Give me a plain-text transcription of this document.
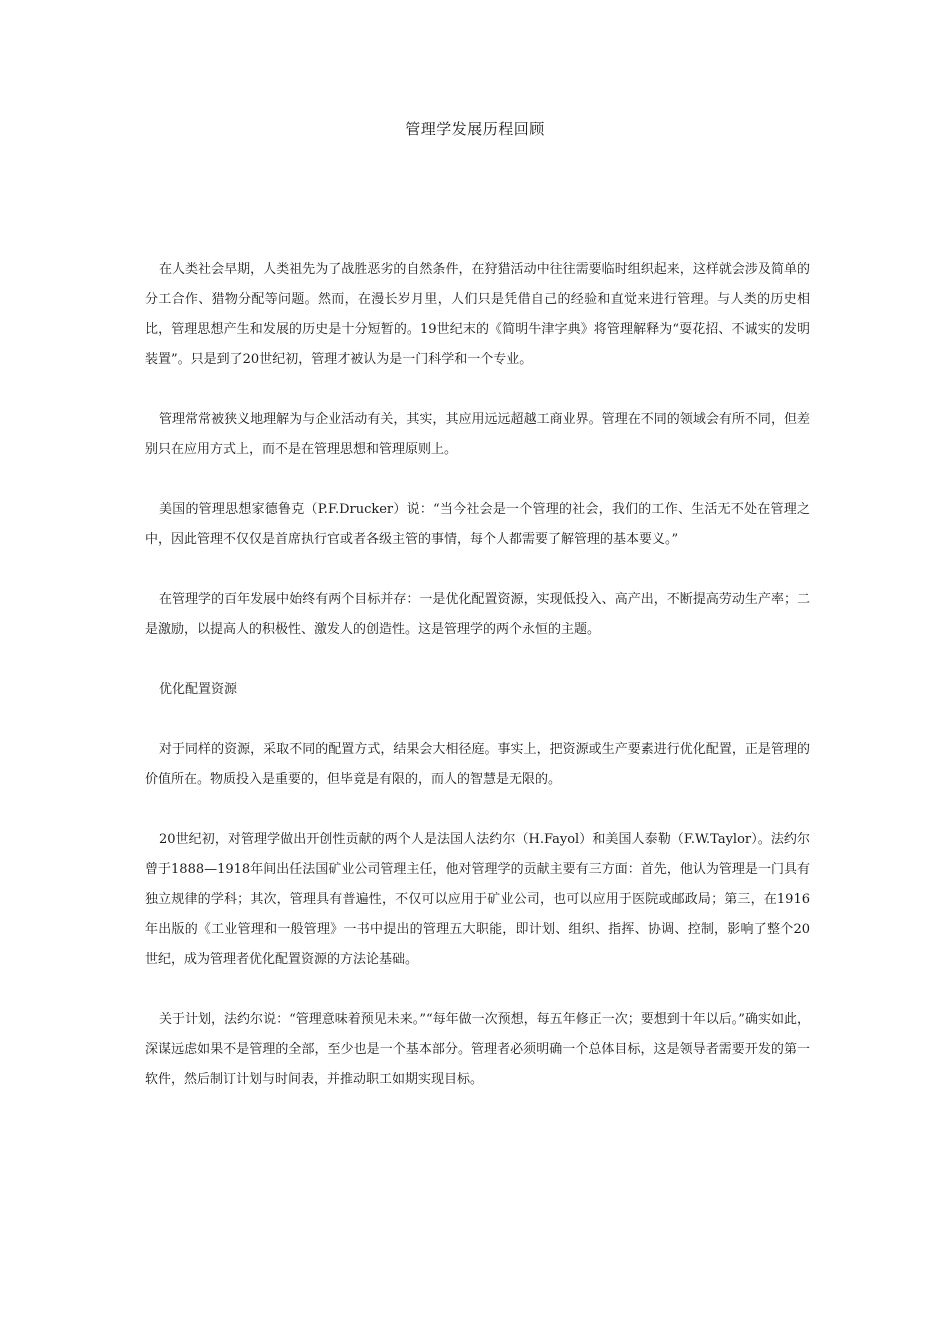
管理学发展历程回顾

在人类社会早期，人类祖先为了战胜恶劣的自然条件，在狩猎活动中往往需要临时组织起来，这样就会涉及简单的分工合作、猎物分配等问题。然而，在漫长岁月里，人们只是凭借自己的经验和直觉来进行管理。与人类的历史相比，管理思想产生和发展的历史是十分短暂的。19世纪末的《简明牛津字典》将管理解释为“耍花招、不诚实的发明装置”。只是到了20世纪初，管理才被认为是一门科学和一个专业。

管理常常被狭义地理解为与企业活动有关，其实，其应用远远超越工商业界。管理在不同的领域会有所不同，但差别只在应用方式上，而不是在管理思想和管理原则上。

美国的管理思想家德鲁克（P.F.Drucker）说：“当今社会是一个管理的社会，我们的工作、生活无不处在管理之中，因此管理不仅仅是首席执行官或者各级主管的事情，每个人都需要了解管理的基本要义。”

在管理学的百年发展中始终有两个目标并存：一是优化配置资源，实现低投入、高产出，不断提高劳动生产率；二是激励，以提高人的积极性、激发人的创造性。这是管理学的两个永恒的主题。

优化配置资源

对于同样的资源，采取不同的配置方式，结果会大相径庭。事实上，把资源或生产要素进行优化配置，正是管理的价值所在。物质投入是重要的，但毕竟是有限的，而人的智慧是无限的。

20世纪初，对管理学做出开创性贡献的两个人是法国人法约尔（H.Fayol）和美国人泰勒（F.W.Taylor）。法约尔曾于1888—1918年间出任法国矿业公司管理主任，他对管理学的贡献主要有三方面：首先，他认为管理是一门具有独立规律的学科；其次，管理具有普遍性，不仅可以应用于矿业公司，也可以应用于医院或邮政局；第三，在1916年出版的《工业管理和一般管理》一书中提出的管理五大职能，即计划、组织、指挥、协调、控制，影响了整个20世纪，成为管理者优化配置资源的方法论基础。

关于计划，法约尔说：“管理意味着预见未来。”“每年做一次预想，每五年修正一次；要想到十年以后。”确实如此，深谋远虑如果不是管理的全部，至少也是一个基本部分。管理者必须明确一个总体目标，这是领导者需要开发的第一软件，然后制订计划与时间表，并推动职工如期实现目标。
